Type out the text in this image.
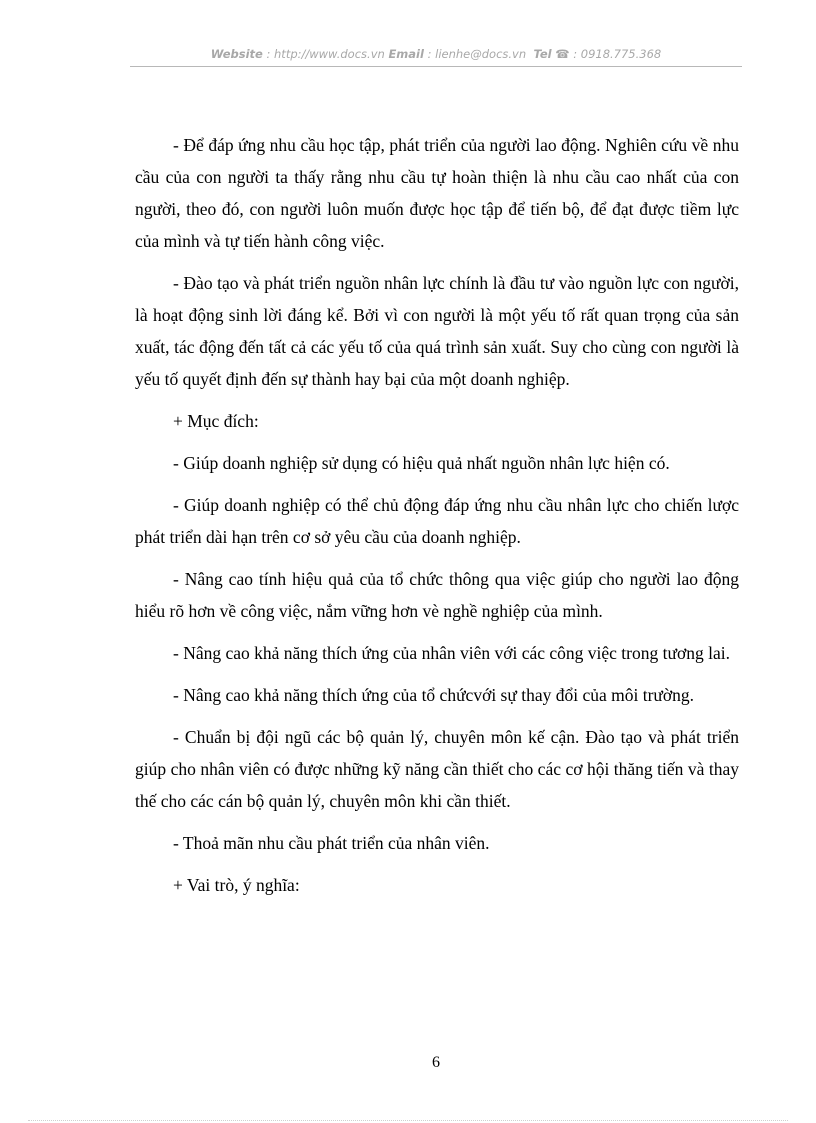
Website : http://www.docs.vn Email : lienhe@docs.vn Tel ☎ : 0918.775.368

- Để đáp ứng nhu cầu học tập, phát triển của người lao động. Nghiên cứu về nhu cầu của con người ta thấy rằng nhu cầu tự hoàn thiện là nhu cầu cao nhất của con người, theo đó, con người luôn muốn được học tập để tiến bộ, để đạt được tiềm lực của mình và tự tiến hành công việc.

- Đào tạo và phát triển nguồn nhân lực chính là đầu tư vào nguồn lực con người, là hoạt động sinh lời đáng kể. Bởi vì con người là một yếu tố rất quan trọng của sản xuất, tác động đến tất cả các yếu tố của quá trình sản xuất. Suy cho cùng con người là yếu tố quyết định đến sự thành hay bại của một doanh nghiệp.

+ Mục đích:

- Giúp doanh nghiệp sử dụng có hiệu quả nhất nguồn nhân lực hiện có.

- Giúp doanh nghiệp có thể chủ động đáp ứng nhu cầu nhân lực cho chiến lược phát triển dài hạn trên cơ sở yêu cầu của doanh nghiệp.

- Nâng cao tính hiệu quả của tổ chức thông qua việc giúp cho người lao động hiểu rõ hơn về công việc, nắm vững hơn vè nghề nghiệp của mình.

- Nâng cao khả năng thích ứng của nhân viên với các công việc trong tương lai.

- Nâng cao khả năng thích ứng của tổ chứcvới sự thay đổi của môi trường.

- Chuẩn bị đội ngũ các bộ quản lý, chuyên môn kế cận. Đào tạo và phát triển giúp cho nhân viên có được những kỹ năng cần thiết cho các cơ hội thăng tiến và thay thế cho các cán bộ quản lý, chuyên môn khi cần thiết.

- Thoả mãn nhu cầu phát triển của nhân viên.

+ Vai trò, ý nghĩa:

6
